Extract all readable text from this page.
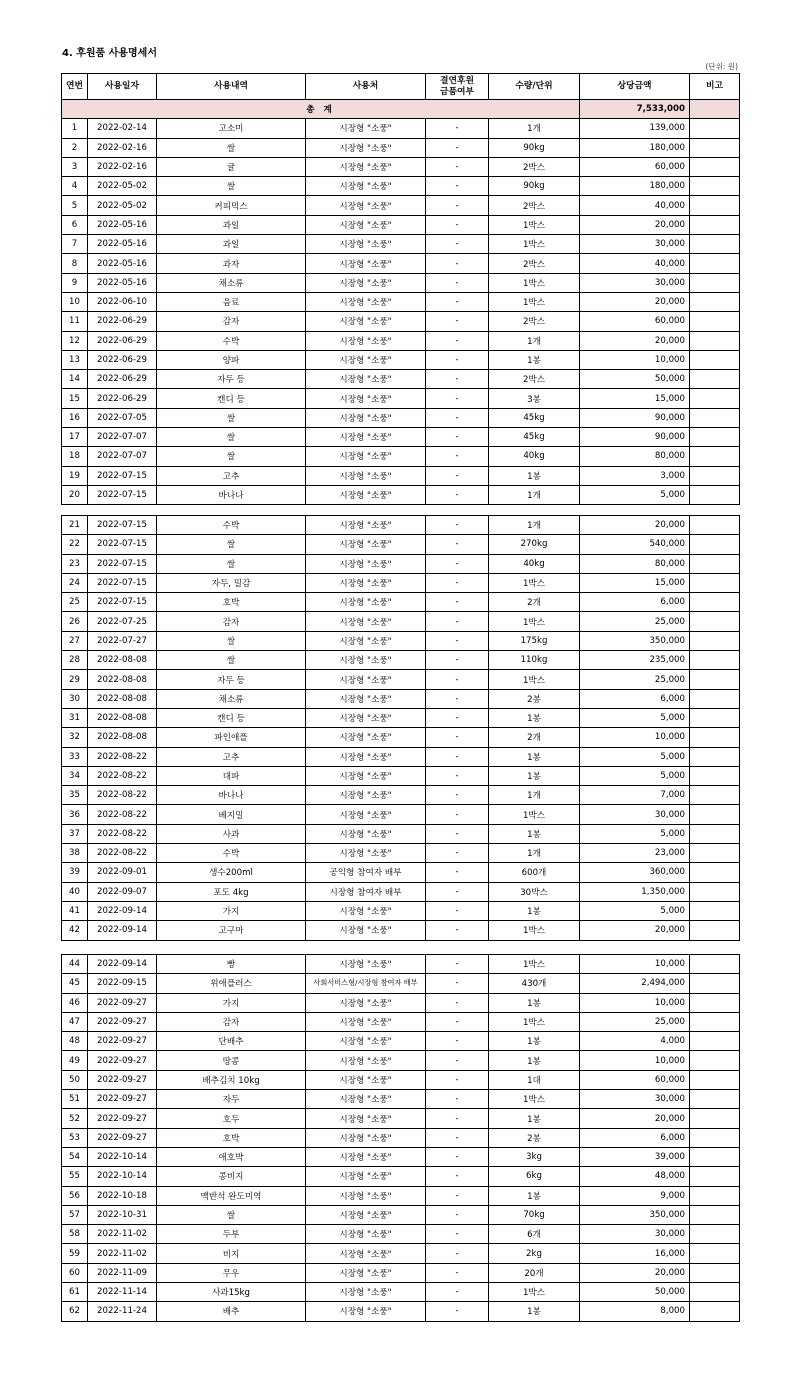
4. 후원품 사용명세서
(단위: 원)
연번	사용일자	사용내역	사용처	결연후원
금품여부	수량/단위	상당금액	비고
총 계						7,533,000	
1	2022-02-14	고소미	시장형 "소풍"	-	1개	139,000	
2	2022-02-16	쌀	시장형 "소풍"	-	90kg	180,000	
3	2022-02-16	귤	시장형 "소풍"	-	2박스	60,000	
4	2022-05-02	쌀	시장형 "소풍"	-	90kg	180,000	
5	2022-05-02	커피믹스	시장형 "소풍"	-	2박스	40,000	
6	2022-05-16	과일	시장형 "소풍"	-	1박스	20,000	
7	2022-05-16	과일	시장형 "소풍"	-	1박스	30,000	
8	2022-05-16	과자	시장형 "소풍"	-	2박스	40,000	
9	2022-05-16	채소류	시장형 "소풍"	-	1박스	30,000	
10	2022-06-10	음료	시장형 "소풍"	-	1박스	20,000	
11	2022-06-29	감자	시장형 "소풍"	-	2박스	60,000	
12	2022-06-29	수박	시장형 "소풍"	-	1개	20,000	
13	2022-06-29	양파	시장형 "소풍"	-	1봉	10,000	
14	2022-06-29	자두 등	시장형 "소풍"	-	2박스	50,000	
15	2022-06-29	캔디 등	시장형 "소풍"	-	3봉	15,000	
16	2022-07-05	쌀	시장형 "소풍"	-	45kg	90,000	
17	2022-07-07	쌀	시장형 "소풍"	-	45kg	90,000	
18	2022-07-07	쌀	시장형 "소풍"	-	40kg	80,000	
19	2022-07-15	고추	시장형 "소풍"	-	1봉	3,000	
20	2022-07-15	바나나	시장형 "소풍"	-	1개	5,000	
21	2022-07-15	수박	시장형 "소풍"	-	1개	20,000	
22	2022-07-15	쌀	시장형 "소풍"	-	270kg	540,000	
23	2022-07-15	쌀	시장형 "소풍"	-	40kg	80,000	
24	2022-07-15	자두, 밀감	시장형 "소풍"	-	1박스	15,000	
25	2022-07-15	호박	시장형 "소풍"	-	2개	6,000	
26	2022-07-25	감자	시장형 "소풍"	-	1박스	25,000	
27	2022-07-27	쌀	시장형 "소풍"	-	175kg	350,000	
28	2022-08-08	쌀	시장형 "소풍"	-	110kg	235,000	
29	2022-08-08	자두 등	시장형 "소풍"	-	1박스	25,000	
30	2022-08-08	채소류	시장형 "소풍"	-	2봉	6,000	
31	2022-08-08	캔디 등	시장형 "소풍"	-	1봉	5,000	
32	2022-08-08	파인애플	시장형 "소풍"	-	2개	10,000	
33	2022-08-22	고추	시장형 "소풍"	-	1봉	5,000	
34	2022-08-22	대파	시장형 "소풍"	-	1봉	5,000	
35	2022-08-22	바나나	시장형 "소풍"	-	1개	7,000	
36	2022-08-22	베지밀	시장형 "소풍"	-	1박스	30,000	
37	2022-08-22	사과	시장형 "소풍"	-	1봉	5,000	
38	2022-08-22	수박	시장형 "소풍"	-	1개	23,000	
39	2022-09-01	생수200ml	공익형 참여자 배부	-	600개	360,000	
40	2022-09-07	포도 4kg	시장형 참여자 배부	-	30박스	1,350,000	
41	2022-09-14	가지	시장형 "소풍"	-	1봉	5,000	
42	2022-09-14	고구마	시장형 "소풍"	-	1박스	20,000	
44	2022-09-14	빵	시장형 "소풍"	-	1박스	10,000	
45	2022-09-15	위애플러스	사회서비스형/시장형 참여자 배부	-	430개	2,494,000	
46	2022-09-27	가지	시장형 "소풍"	-	1봉	10,000	
47	2022-09-27	감자	시장형 "소풍"	-	1박스	25,000	
48	2022-09-27	단배추	시장형 "소풍"	-	1봉	4,000	
49	2022-09-27	땅콩	시장형 "소풍"	-	1봉	10,000	
50	2022-09-27	배추김치 10kg	시장형 "소풍"	-	1대	60,000	
51	2022-09-27	자두	시장형 "소풍"	-	1박스	30,000	
52	2022-09-27	호두	시장형 "소풍"	-	1봉	20,000	
53	2022-09-27	호박	시장형 "소풍"	-	2봉	6,000	
54	2022-10-14	애호박	시장형 "소풍"	-	3kg	39,000	
55	2022-10-14	콩비지	시장형 "소풍"	-	6kg	48,000	
56	2022-10-18	맥반석 완도미역	시장형 "소풍"	-	1봉	9,000	
57	2022-10-31	쌀	시장형 "소풍"	-	70kg	350,000	
58	2022-11-02	두부	시장형 "소풍"	-	6개	30,000	
59	2022-11-02	비지	시장형 "소풍"	-	2kg	16,000	
60	2022-11-09	무우	시장형 "소풍"	-	20개	20,000	
61	2022-11-14	사과15kg	시장형 "소풍"	-	1박스	50,000	
62	2022-11-24	배추	시장형 "소풍"	-	1봉	8,000	
